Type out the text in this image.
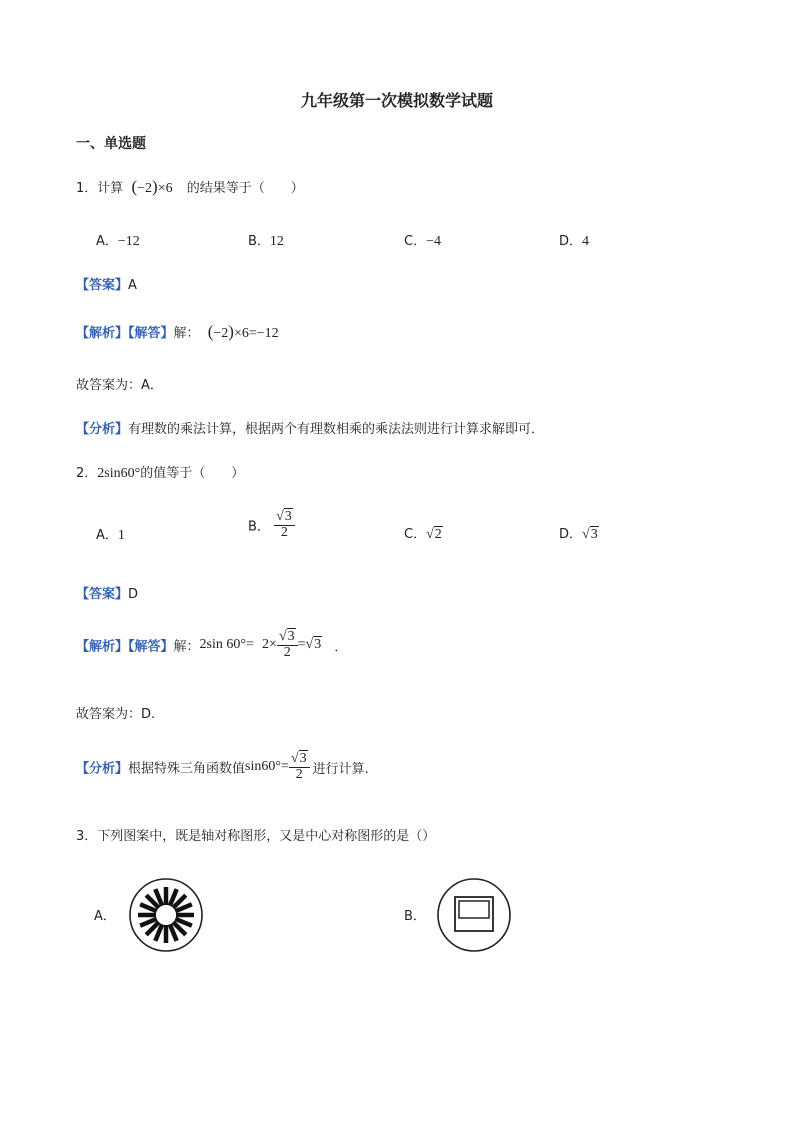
九年级第一次模拟数学试题
一、单选题
1．计算 (−2)×6 的结果等于（　　）
A．−12	B．12	C．−4	D．4
【答案】A
【解析】【解答】解： (−2)×6=−12
故答案为：A．
【分析】有理数的乘法计算，根据两个有理数相乘的乘法法则进行计算求解即可．
2．2sin60°的值等于（　　）
A．1
B． $\frac{√3}{2}$	C．√2	D．√3
【答案】D
【解析】【解答】解：2sin $60^\circ= 2\times \frac{√3}{2} =√3$ ．
故答案为：D.
【分析】根据特殊三角函数值$\sin 60^\circ= \frac{√3}{2}$ 进行计算.
3．下列图案中，既是轴对称图形，又是中心对称图形的是（）
A．	B．
